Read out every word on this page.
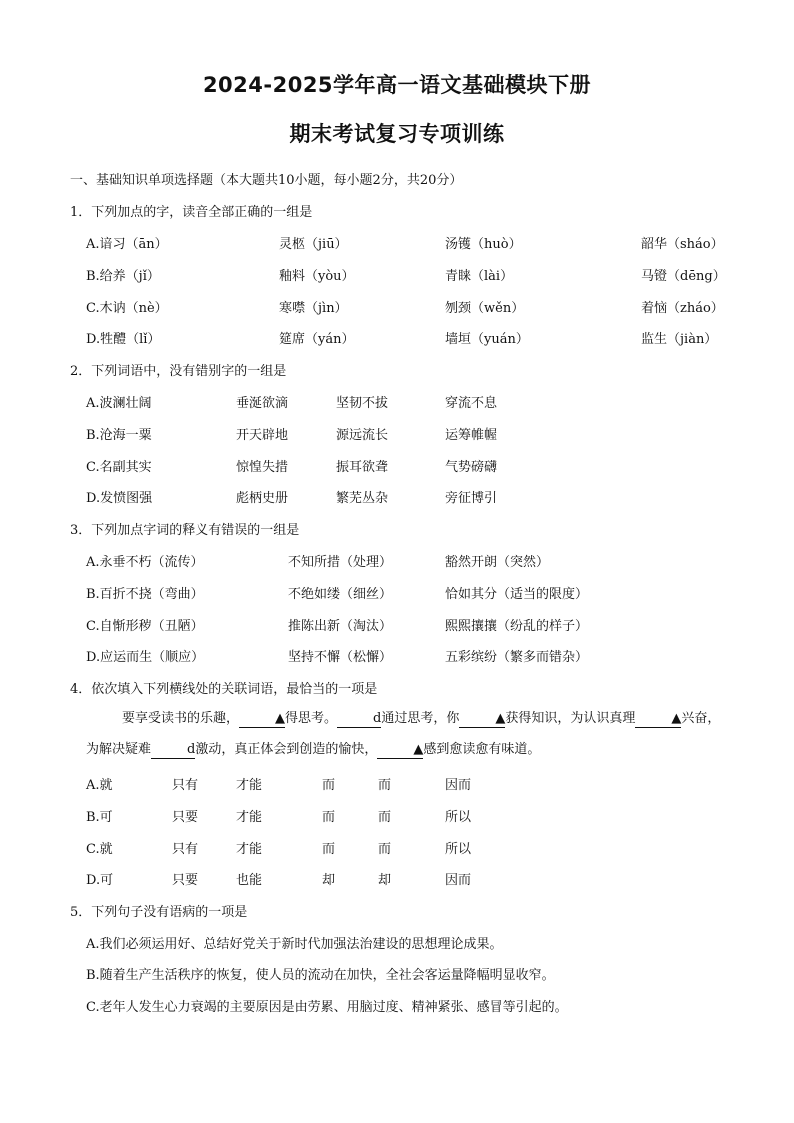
2024-2025学年高一语文基础模块下册
期末考试复习专项训练

一、基础知识单项选择题（本大题共10小题，每小题2分，共20分）

1．下列加点的字，读音全部正确的一组是

A.谙习（ān）	灵柩（jiū）	汤镬（huò）	韶华（sháo）
B.给养（jǐ）	釉料（yòu）	青睐（lài）	马镫（dēng）
C.木讷（nè）	寒噤（jìn）	刎颈（wěn）	着恼（zháo）
D.牲醴（lǐ）	筵席（yán）	墙垣（yuán）	监生（jiàn）

2．下列词语中，没有错别字的一组是

A.波澜壮阔	垂涎欲滴	坚韧不拔	穿流不息
B.沧海一粟	开天辟地	源远流长	运筹帷幄
C.名副其实	惊惶失措	振耳欲聋	气势磅礴
D.发愤图强	彪柄史册	繁芜丛杂	旁征博引

3．下列加点字词的释义有错误的一组是

A.永垂不朽（流传）	不知所措（处理）	豁然开朗（突然）
B.百折不挠（弯曲）	不绝如缕（细丝）	恰如其分（适当的限度）
C.自惭形秽（丑陋）	推陈出新（淘汰）	熙熙攘攘（纷乱的样子）
D.应运而生（顺应）	坚持不懈（松懈）	五彩缤纷（繁多而错杂）

4．依次填入下列横线处的关联词语，最恰当的一项是

要享受读书的乐趣，	▲得思考。	d通过思考，你	▲获得知识，为认识真理	▲兴奋，为解决疑难	d激动，真正体会到创造的愉快，	▲感到愈读愈有味道。

A.就	只有	才能	而	而	因而
B.可	只要	才能	而	而	所以
C.就	只有	才能	而	而	所以
D.可	只要	也能	却	却	因而

5．下列句子没有语病的一项是

A.我们必须运用好、总结好党关于新时代加强法治建设的思想理论成果。

B.随着生产生活秩序的恢复，使人员的流动在加快，全社会客运量降幅明显收窄。

C.老年人发生心力衰竭的主要原因是由劳累、用脑过度、精神紧张、感冒等引起的。
